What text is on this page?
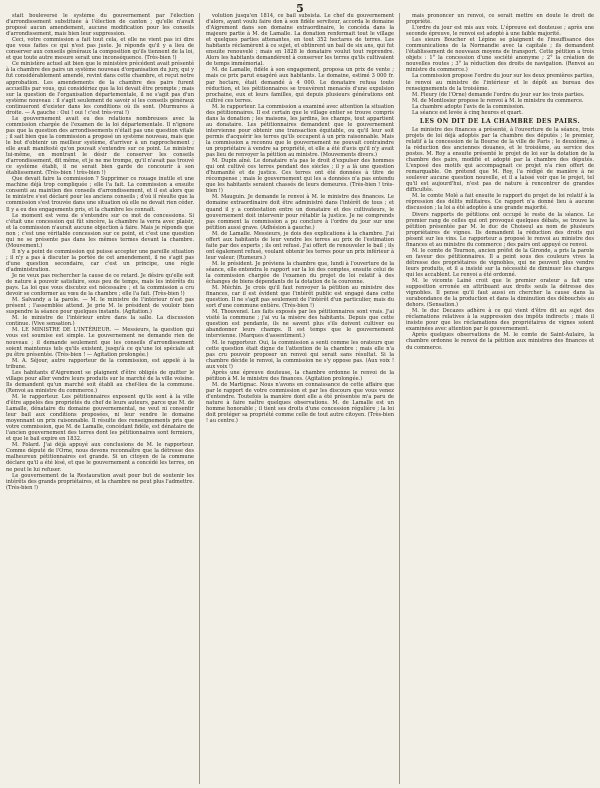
5

stait bouleversé le système du gouvernement par l'élection d'arrondissement substituée à l'élection de canton ; qu'elle n'avait proposé aucun amendement, aucune modification pour les conseils d'arrondissement, mais bien leur suppression.

Ceci, votre commission a fait tout cela, et elle ne vient pas ici dire que vous faites ce qui n'est pas juste. Je réponds qu'il y a lieu de conserver aux conseils généraux la composition qu'ils tiennent de la loi, et que toute autre mesure serait une inconséquence. (Très-bien !)

Ce ministère actuel ait bien que le ministère précédent avait présenté à la chambre des pairs un système nouveau d'organisation du jury, qui y fut considérablement amendé, revint dans cette chambre, et reçut notre approbation. Les amendements de la chambre des pairs furent accueillis par vous, qui considériez que la loi devait être prompte ; mais sur la question de l'organisation départementale, il ne s'agit pas d'un système nouveau : il s'agit seulement de savoir si les conseils généraux continueront d'exister dans les conditions où ils sont. (Murmures à droite. — A gauche : Oui ! oui ! c'est très-vrai !)

Le gouvernement avait eu des relations nombreuses avec la commission chargée de l'examen de la loi départementale. Il n'ignore pas que la question des arrondissements n'était pas une question vitale ; il sait bien que la commission a proposé un système nouveau, mais que le but d'obtenir un meilleur système, d'arriver à un rapprochement ; elle avait manifesté qu'on pouvait s'entendre sur ce point. Le ministre lui-même, en montrant le désir de conserver les conseils d'arrondissement, dit même, et je ne me trompe, qu'il n'avait pas trouvé ce système établi, il ne serait bien garde de concourir à son établissement. (Très-bien ! très-bien !)

Que devait faire la commission ? Supprimer ce rouage inutile et une machine déjà trop compliquée ; elle l'a fait. La commission a ensuite consenti au maintien des conseils d'arrondissement, et il est alors que le ministre s'est déclaré pour les anciens conseils ; d'où il résulte que la commission s'est trouvée dans une situation où elle ne devait rien céder. Il y a eu des engagements pris, et la chambre les connaît.

Le moment est venu de s'entendre sur ce mot de concessions. Si c'était une concession qui fût sincère, la chambre la verra avec plaisir, et la commission n'aurait aucune objection à faire. Mais je réponds que non ; c'est une véritable concession sur ce point, et c'est une question qui ne se présente pas dans les mêmes termes devant la chambre. (Mouvement.)

Il n'y a point de commission qui puisse accepter une pareille situation ; il n'y a pas à discuter la portée de cet amendement, il ne s'agit pas d'une question secondaire, car c'est un principe, une règle d'administration.

Je ne veux pas rechercher la cause de ce retard. Je désire qu'elle soit de nature à pouvoir satisfaire, sous peu de temps, mais les intérêts du pays. La loi que vous discutez est nécessaire ; et la commission a cru devoir se conformer au vœu de la chambre ; elle l'a fait. (Très-bien !)

M. Salvandy a la parole. — M. le ministre de l'intérieur n'est pas présent ; l'assemblée attend. Je prie M. le président de vouloir bien suspendre la séance pour quelques instants. (Agitation.)

M. le ministre de l'intérieur entre dans la salle. La discussion continue. (Vive sensation.)

M. LE MINISTRE DE L'INTÉRIEUR. — Messieurs, la question qui vous est soumise est simple. Le gouvernement ne demande rien de nouveau ; il demande seulement que les conseils d'arrondissement soient maintenus tels qu'ils existent, jusqu'à ce qu'une loi spéciale ait pu être présentée. (Très-bien ! — Agitation prolongée.)

M. A. Séjour, autre rapporteur de la commission, est appelé à la tribune.

Les habitants d'Aigremont se plaignent d'être obligés de quitter le village pour aller vendre leurs produits sur le marché de la ville voisine. Ils demandent qu'un marché soit établi au chef-lieu de la commune. (Renvoi au ministre du commerce.)

M. le rapporteur. Les pétitionnaires exposent qu'ils sont à la ville d'être appelés des propriétés du chef de leurs auteurs, parce que M. de Lamalle, dénataire du domaine gouvernemental, ne veut ni consentir leur bail aux conditions proposées, ni leur vendre le domaine moyennant un prix raisonnable. Il résulte des renseignements pris que votre commission, que M. de Lamalle, concédant fidèle, est dénataire de l'ancien gouvernement des terres dont les pétitionnaires sont fermiers, et que le bail expire en 1832.

M. Folard. J'ai déjà appuyé aux conclusions de M. le rapporteur. Comme député de l'Orne, nous devons reconnaître que la détresse des malheureux pétitionnaires est grande. Si un citoyen de la commune déclare qu'il a été lésé, et que le gouvernement a concédé les terres, on ne peut le lui refuser.

Le gouvernement de la Restauration avait pour but de soutenir les intérêts des grands propriétaires, et la chambre ne peut plus l'admettre. (Très-bien !)

volution jusqu'en 1814, ce bail subsista. Le chef du gouvernement d'alors, ayant voulu faire don à son fidèle serviteur, accorda le domaine d'Aigremont dans son domaine extraordinaire, le concéda dans la majeure partie à M. de Lamalle. La donation renfermait tout le village et quelques parties attenantes, en tout 352 hectares de terres. Les habitants réclamèrent à ce sujet, et obtinrent un bail de six ans, qui fut ensuite renouvelé ; mais en 1828 le donataire voulut tout reprendre. Alors les habitants demandèrent à conserver les terres qu'ils cultivaient de temps immémorial.

M. de Lamalle, fidèle à son engagement, proposa un prix de vente ; mais ce prix parut exagéré aux habitants. Le domaine, estimé 3 000 fr. par hectare, était demandé à 4 000. Le donataire refusa toute réduction, et les pétitionnaires se trouvèrent menacés d'une expulsion prochaine, eux et leurs familles, qui depuis plusieurs générations ont cultivé ces terres.

M. le rapporteur. La commission a examiné avec attention la situation des pétitionnaires. Il est certain que le village entier se trouve compris dans la donation ; les maisons, les jardins, les champs, tout appartient au donataire. Les pétitionnaires demandent que le gouvernement intervienne pour obtenir une transaction équitable, ou qu'il leur soit permis d'acquérir les terres qu'ils occupent à un prix raisonnable. Mais la commission a reconnu que le gouvernement ne pouvait contraindre un propriétaire à vendre sa propriété, et elle a été d'avis qu'il n'y avait pas lieu de renvoyer la pétition au ministre. (Mouvements divers.)

M. Dupin aîné. Le donataire n'a pas le droit d'expulser des hommes qui ont cultivé ces terres pendant des siècles ; il y a là une question d'humanité et de justice. Ces terres ont été données à titre de récompense ; mais le gouvernement qui les a données n'a pas entendu que les habitants seraient chassés de leurs demeures. (Très-bien ! très-bien !)

M. Mauguin. Je demande le renvoi à M. le ministre des finances. Le domaine extraordinaire doit être administré dans l'intérêt de tous ; et quand il y a contestation entre un donataire et des cultivateurs, le gouvernement doit intervenir pour rétablir la justice. Je ne comprends pas comment la commission a pu conclure à l'ordre du jour sur une pétition aussi grave. (Adhésion à gauche.)

M. de Lamalle. Messieurs, je dois des explications à la chambre. J'ai offert aux habitants de leur vendre les terres au prix de l'estimation faite par des experts ; ils ont refusé. J'ai offert de renouveler le bail ; ils ont également refusé, voulant obtenir les terres pour un prix inférieur à leur valeur. (Rumeurs.)

M. le président. Je préviens la chambre que, lundi à l'ouverture de la séance, elle entendra le rapport sur la loi des comptes, ensuite celui de la commission chargée de l'examen du projet de loi relatif à des échanges de biens dépendants de la dotation de la couronne.

M. Méchin. Je crois qu'il faut renvoyer la pétition au ministre des finances, car il est évident que l'intérêt public est engagé dans cette question. Il ne s'agit pas seulement de l'intérêt d'un particulier, mais du sort d'une commune entière. (Très-bien !)

M. Thouvenel. Les faits exposés par les pétitionnaires sont vrais. J'ai visité la commune ; j'ai vu la misère des habitants. Depuis que cette question est pendante, ils ne savent plus s'ils doivent cultiver ou abandonner leurs champs. Il est temps que le gouvernement intervienne. (Marques d'assentiment.)

M. le rapporteur. Oui, la commission a senti comme les orateurs que cette question était digne de l'attention de la chambre ; mais elle n'a pas cru pouvoir proposer un renvoi qui serait sans résultat. Si la chambre décide le renvoi, la commission ne s'y oppose pas. (Aux voix ! aux voix !)

Après une épreuve douteuse, la chambre ordonne le renvoi de la pétition à M. le ministre des finances. (Agitation prolongée.)

M. de Martignac. Nous n'avons en connaissance de cette affaire que par le rapport de votre commission et par les discours que vous venez d'entendre. Toutefois la manière dont elle a été présentée m'a paru de nature à faire naître quelques observations. M. de Lamalle est un homme honorable ; il tient ses droits d'une concession régulière ; la loi doit protéger sa propriété comme celle de tout autre citoyen. (Très-bien ! au centre.)

mais prononcer un renvoi, ce serait mettre en doute le droit de propriété.

L'ordre du jour est mis aux voix. L'épreuve est douteuse ; après une seconde épreuve, le renvoi est adopté à une faible majorité.

Les sieurs Boucher et Lépine se plaignent de l'insuffisance des communications de la Normandie avec la capitale ; ils demandent l'établissement de nouveaux moyens de transport. Cette pétition a trois objets : 1° la concession d'une société anonyme ; 2° la création de nouvelles routes ; 3° la réduction des droits de navigation. (Renvoi au ministre du commerce.)

La commission propose l'ordre du jour sur les deux premières parties, le renvoi au ministre de l'intérieur et le dépôt au bureau des renseignements de la troisième.

M. Fleury (de l'Orne) demande l'ordre du jour sur les trois parties.

M. de Montlosier propose le renvoi à M. le ministre du commerce.

La chambre adopte l'avis de la commission.

La séance est levée à cinq heures et quart.

LES ON DIT DE LA CHAMBRE DES PAIRS.

Le ministre des finances a présenté, à l'ouverture de la séance, trois projets de loi déjà adoptés par la chambre des députés ; le premier, relatif à la concession de la Bourse de la ville de Paris ; le deuxième, à la réduction des anciennes douanes, et le troisième, au service des postes. M. Roy a ensuite présenté le projet de loi sur la dotation de la chambre des pairs, modifié et adopté par la chambre des députés. L'exposé des motifs qui accompagnait ce projet n'a rien offert de remarquable. On prétend que M. Roy, l'a rédigé de manière à ne soulever aucune question nouvelle, et il a laissé voir que le projet, tel qu'il est aujourd'hui, n'est pas de nature à rencontrer de grandes difficultés.

M. le comte Molé a fait ensuite le rapport du projet de loi relatif à la répression des délits militaires. Ce rapport n'a donné lieu à aucune discussion ; la loi a été adoptée à une grande majorité.

Divers rapports de pétitions ont occupé le reste de la séance. Le premier rang de celles qui ont provoqué quelques débats, se trouve la pétition présentée par M. le duc de Choiseul au nom de plusieurs propriétaires de vignes. Ils demandent la réduction des droits qui pèsent sur les vins. Le rapporteur a proposé le renvoi au ministre des finances et au ministre du commerce ; des pairs ont appuyé ce renvoi.

M. le comte de Tournon, ancien préfet de la Gironde, a pris la parole en faveur des pétitionnaires. Il a peint sous des couleurs vives la détresse des propriétaires de vignobles, qui ne peuvent plus vendre leurs produits, et il a insisté sur la nécessité de diminuer les charges qui les accablent. Le renvoi a été ordonné.

M. le vicomte Lainé croit que le premier orateur a fait une supposition erronée en attribuant aux droits seuls la détresse des vignobles. Il pense qu'il faut aussi en chercher la cause dans la surabondance de la production et dans la diminution des débouchés au dehors. (Sensation.)

M. le duc Decazes adhère à ce qui vient d'être dit au sujet des réclamations relatives à la suppression des impôts indirects ; mais il insiste pour que les réclamations des propriétaires de vignes soient examinées avec attention par le gouvernement.

Après quelques observations de M. le comte de Saint-Aulaire, la chambre ordonne le renvoi de la pétition aux ministres des finances et du commerce.
